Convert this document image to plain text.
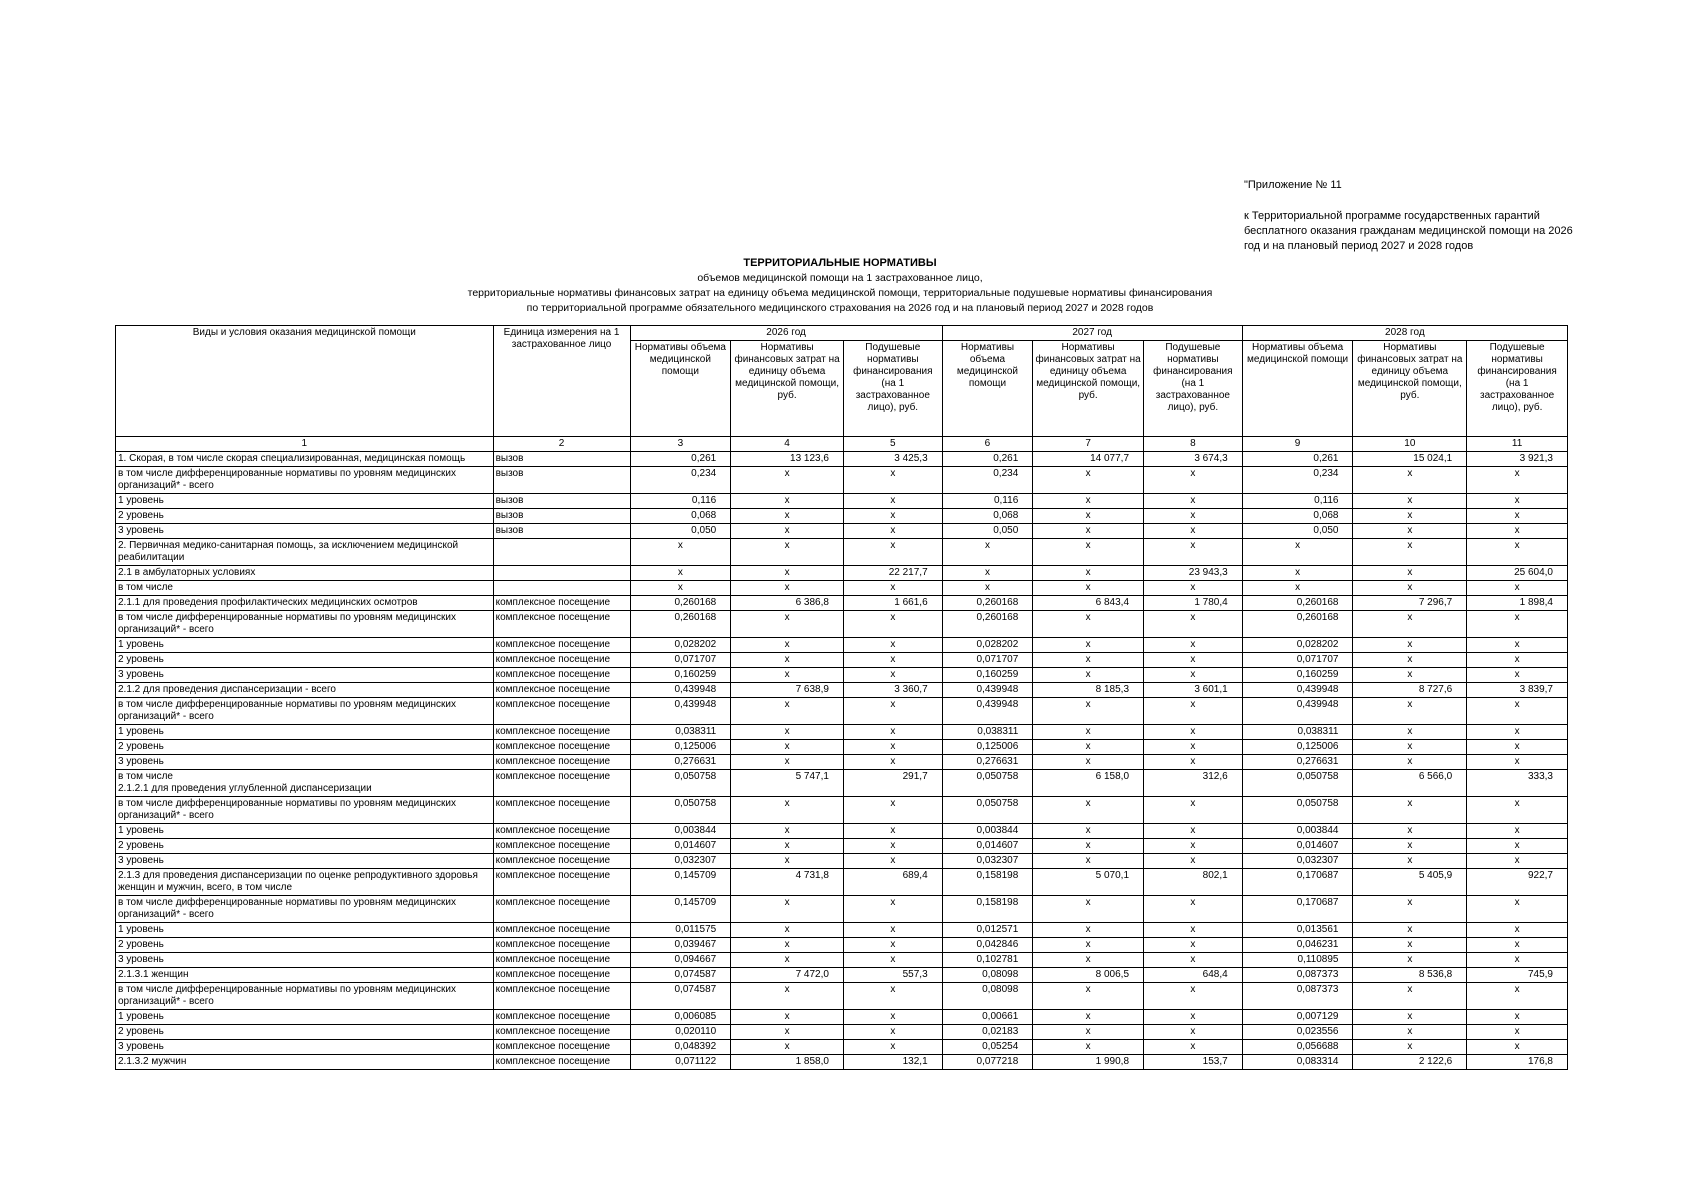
"Приложение № 11
к Территориальной программе государственных гарантий бесплатного оказания гражданам медицинской помощи на 2026 год и на плановый период 2027 и 2028 годов
ТЕРРИТОРИАЛЬНЫЕ НОРМАТИВЫ
объемов медицинской помощи на 1 застрахованное лицо,
территориальные нормативы финансовых затрат на единицу объема медицинской помощи, территориальные подушевые нормативы финансирования
по территориальной программе обязательного медицинского страхования на 2026 год и на плановый период 2027 и 2028 годов
Виды и условия оказания медицинской помощи	Единица измерения на 1 застрахованное лицо	2026 год			2027 год			2028 год		
		Нормативы объема медицинской помощи	Нормативы финансовых затрат на единицу объема медицинской помощи, руб.	Подушевые нормативы финансирования (на 1 застрахованное лицо), руб.	Нормативы объема медицинской помощи	Нормативы финансовых затрат на единицу объема медицинской помощи, руб.	Подушевые нормативы финансирования (на 1 застрахованное лицо), руб.	Нормативы объема медицинской помощи	Нормативы финансовых затрат на единицу объема медицинской помощи, руб.	Подушевые нормативы финансирования (на 1 застрахованное лицо), руб.
1	2	3	4	5	6	7	8	9	10	11
1. Скорая, в том числе скорая специализированная, медицинская помощь	вызов	0,261	13 123,6	3 425,3	0,261	14 077,7	3 674,3	0,261	15 024,1	3 921,3
в том числе дифференцированные нормативы по уровням медицинских организаций* - всего	вызов	0,234	х	х	0,234	х	х	0,234	х	х
1 уровень	вызов	0,116	х	х	0,116	х	х	0,116	х	х
2 уровень	вызов	0,068	х	х	0,068	х	х	0,068	х	х
3 уровень	вызов	0,050	х	х	0,050	х	х	0,050	х	х
2. Первичная медико-санитарная помощь, за исключением медицинской реабилитации		х	х	х	х	х	х	х	х	х
2.1 в амбулаторных условиях		х	х	22 217,7	х	х	23 943,3	х	х	25 604,0
в том числе		х	х	х	х	х	х	х	х	х
2.1.1 для проведения профилактических медицинских осмотров	комплексное посещение	0,260168	6 386,8	1 661,6	0,260168	6 843,4	1 780,4	0,260168	7 296,7	1 898,4
в том числе дифференцированные нормативы по уровням медицинских организаций* - всего	комплексное посещение	0,260168	х	х	0,260168	х	х	0,260168	х	х
1 уровень	комплексное посещение	0,028202	х	х	0,028202	х	х	0,028202	х	х
2 уровень	комплексное посещение	0,071707	х	х	0,071707	х	х	0,071707	х	х
3 уровень	комплексное посещение	0,160259	х	х	0,160259	х	х	0,160259	х	х
2.1.2 для проведения диспансеризации - всего	комплексное посещение	0,439948	7 638,9	3 360,7	0,439948	8 185,3	3 601,1	0,439948	8 727,6	3 839,7
в том числе дифференцированные нормативы по уровням медицинских организаций* - всего	комплексное посещение	0,439948	х	х	0,439948	х	х	0,439948	х	х
1 уровень	комплексное посещение	0,038311	х	х	0,038311	х	х	0,038311	х	х
2 уровень	комплексное посещение	0,125006	х	х	0,125006	х	х	0,125006	х	х
3 уровень	комплексное посещение	0,276631	х	х	0,276631	х	х	0,276631	х	х
в том числе
2.1.2.1 для проведения углубленной диспансеризации	комплексное посещение	0,050758	5 747,1	291,7	0,050758	6 158,0	312,6	0,050758	6 566,0	333,3
в том числе дифференцированные нормативы по уровням медицинских организаций* - всего	комплексное посещение	0,050758	х	х	0,050758	х	х	0,050758	х	х
1 уровень	комплексное посещение	0,003844	х	х	0,003844	х	х	0,003844	х	х
2 уровень	комплексное посещение	0,014607	х	х	0,014607	х	х	0,014607	х	х
3 уровень	комплексное посещение	0,032307	х	х	0,032307	х	х	0,032307	х	х
2.1.3 для проведения диспансеризации по оценке репродуктивного здоровья женщин и мужчин, всего, в том числе	комплексное посещение	0,145709	4 731,8	689,4	0,158198	5 070,1	802,1	0,170687	5 405,9	922,7
в том числе дифференцированные нормативы по уровням медицинских организаций* - всего	комплексное посещение	0,145709	х	х	0,158198	х	х	0,170687	х	х
1 уровень	комплексное посещение	0,011575	х	х	0,012571	х	х	0,013561	х	х
2 уровень	комплексное посещение	0,039467	х	х	0,042846	х	х	0,046231	х	х
3 уровень	комплексное посещение	0,094667	х	х	0,102781	х	х	0,110895	х	х
2.1.3.1 женщин	комплексное посещение	0,074587	7 472,0	557,3	0,08098	8 006,5	648,4	0,087373	8 536,8	745,9
в том числе дифференцированные нормативы по уровням медицинских организаций* - всего	комплексное посещение	0,074587	х	х	0,08098	х	х	0,087373	х	х
1 уровень	комплексное посещение	0,006085	х	х	0,00661	х	х	0,007129	х	х
2 уровень	комплексное посещение	0,020110	х	х	0,02183	х	х	0,023556	х	х
3 уровень	комплексное посещение	0,048392	х	х	0,05254	х	х	0,056688	х	х
2.1.3.2 мужчин	комплексное посещение	0,071122	1 858,0	132,1	0,077218	1 990,8	153,7	0,083314	2 122,6	176,8
